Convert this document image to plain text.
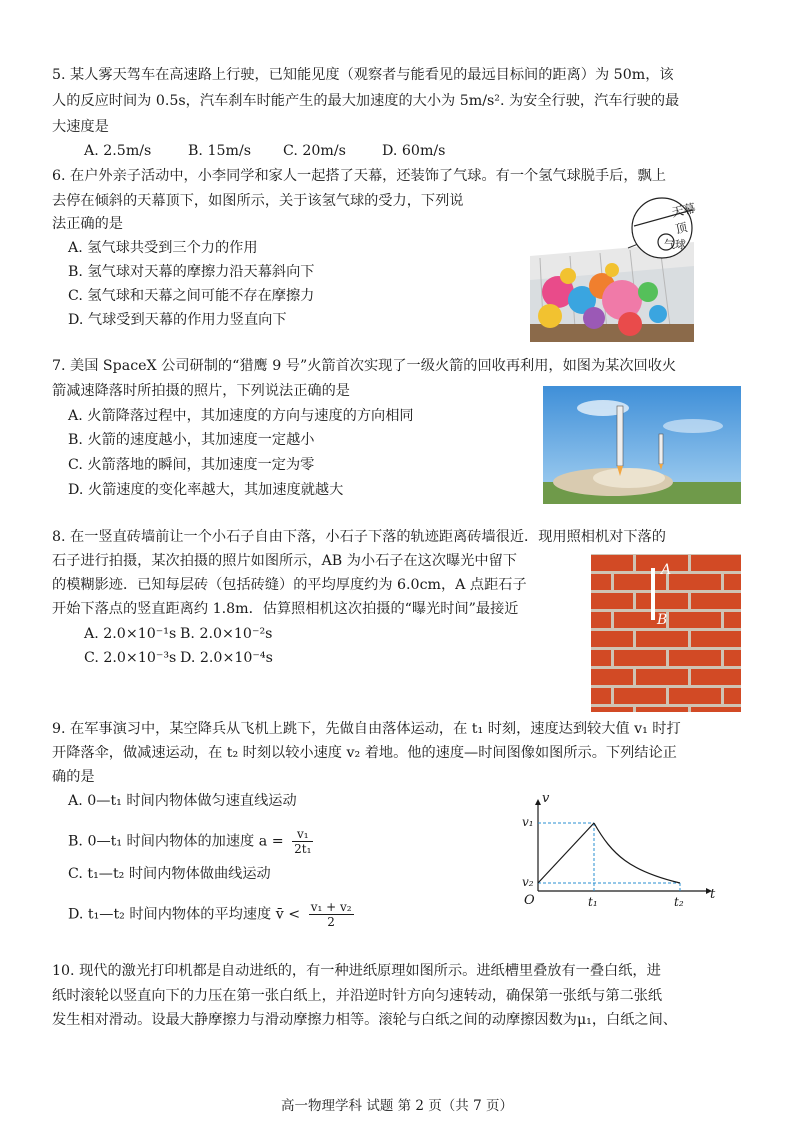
5. 某人雾天驾车在高速路上行驶，已知能见度（观察者与能看见的最远目标间的距离）为 50m，该
人的反应时间为 0.5s，汽车刹车时能产生的最大加速度的大小为 5m/s². 为安全行驶，汽车行驶的最
大速度是
A. 2.5m/s	B. 15m/s C. 20m/s	D. 60m/s
6. 在户外亲子活动中，小李同学和家人一起搭了天幕，还装饰了气球。有一个氢气球脱手后，飘上
去停在倾斜的天幕顶下，如图所示，关于该氢气球的受力，下列说
法正确的是
A. 氢气球共受到三个力的作用
B. 氢气球对天幕的摩擦力沿天幕斜向下
C. 氢气球和天幕之间可能不存在摩擦力
D. 气球受到天幕的作用力竖直向下
天幕顶
气球
7. 美国 SpaceX 公司研制的“猎鹰 9 号”火箭首次实现了一级火箭的回收再利用，如图为某次回收火
箭减速降落时所拍摄的照片，下列说法正确的是
A. 火箭降落过程中，其加速度的方向与速度的方向相同
B. 火箭的速度越小，其加速度一定越小
C. 火箭落地的瞬间，其加速度一定为零
D. 火箭速度的变化率越大，其加速度就越大
8. 在一竖直砖墙前让一个小石子自由下落，小石子下落的轨迹距离砖墙很近．现用照相机对下落的
石子进行拍摄，某次拍摄的照片如图所示，AB 为小石子在这次曝光中留下
的模糊影迹．已知每层砖（包括砖缝）的平均厚度约为 6.0cm，A 点距石子
开始下落点的竖直距离约 1.8m．估算照相机这次拍摄的“曝光时间”最接近
A. 2.0×10⁻¹s B. 2.0×10⁻²s
C. 2.0×10⁻³s D. 2.0×10⁻⁴s
A
B
9. 在军事演习中，某空降兵从飞机上跳下，先做自由落体运动，在 t₁ 时刻，速度达到较大值 v₁ 时打
开降落伞，做减速运动，在 t₂ 时刻以较小速度 v₂ 着地。他的速度—时间图像如图所示。下列结论正
确的是
A. 0—t₁ 时间内物体做匀速直线运动
B. 0—t₁ 时间内物体的加速度 $a = \frac{\text{v₁}}{\text{2t₁}}$
C. t₁—t₂ 时间内物体做曲线运动
D. t₁—t₂ 时间内物体的平均速度 v̄ < $\frac{\text{v₁ + v₂}}{2}$
v
t
O
v₁
v₂
t₁	t₂
10. 现代的激光打印机都是自动进纸的，有一种进纸原理如图所示。进纸槽里叠放有一叠白纸，进
纸时滚轮以竖直向下的力压在第一张白纸上，并沿逆时针方向匀速转动，确保第一张纸与第二张纸
发生相对滑动。设最大静摩擦力与滑动摩擦力相等。滚轮与白纸之间的动摩擦因数为μ₁，白纸之间、
高一物理学科 试题 第 2 页（共 7 页）
